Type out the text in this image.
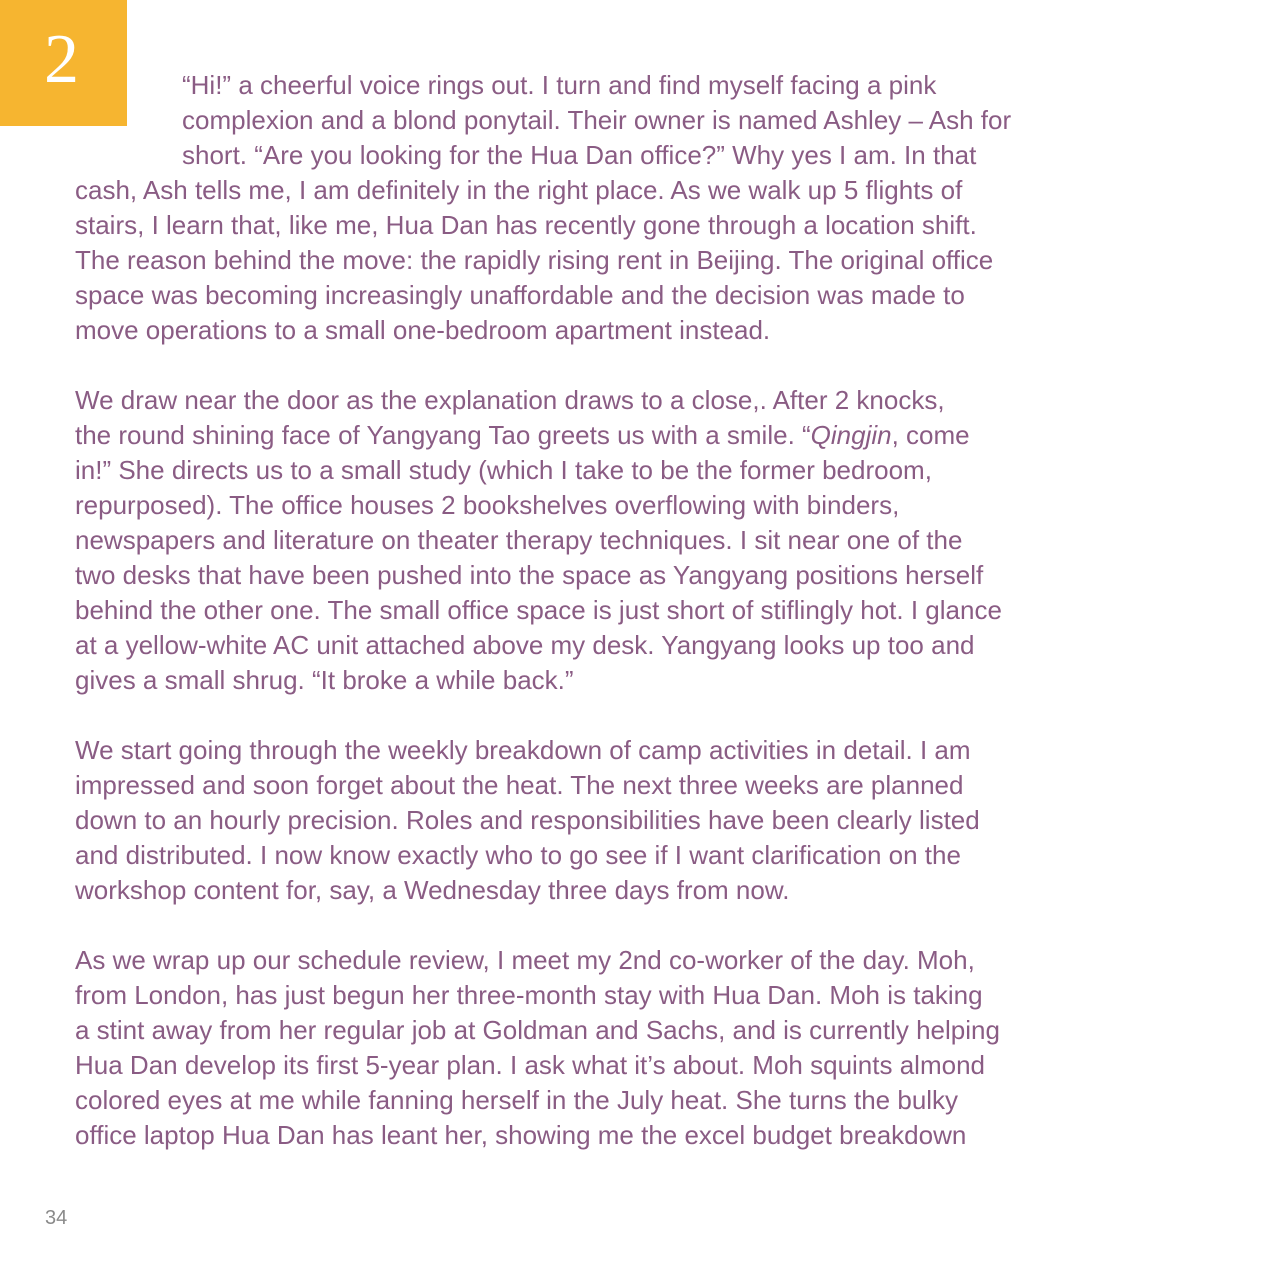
2	“Hi!” a cheerful voice rings out. I turn and find myself facing a pink
complexion and a blond ponytail. Their owner is named Ashley – Ash for
short. “Are you looking for the Hua Dan office?” Why yes I am. In that
cash, Ash tells me, I am definitely in the right place. As we walk up 5 flights of
stairs, I learn that, like me, Hua Dan has recently gone through a location shift.
The reason behind the move: the rapidly rising rent in Beijing. The original office
space was becoming increasingly unaffordable and the decision was made to
move operations to a small one-bedroom apartment instead.

We draw near the door as the explanation draws to a close,. After 2 knocks,
the round shining face of Yangyang Tao greets us with a smile. “Qingjin, come
in!” She directs us to a small study (which I take to be the former bedroom,
repurposed). The office houses 2 bookshelves overflowing with binders,
newspapers and literature on theater therapy techniques. I sit near one of the
two desks that have been pushed into the space as Yangyang positions herself
behind the other one. The small office space is just short of stiflingly hot. I glance
at a yellow-white AC unit attached above my desk. Yangyang looks up too and
gives a small shrug. “It broke a while back.”

We start going through the weekly breakdown of camp activities in detail. I am
impressed and soon forget about the heat. The next three weeks are planned
down to an hourly precision. Roles and responsibilities have been clearly listed
and distributed. I now know exactly who to go see if I want clarification on the
workshop content for, say, a Wednesday three days from now.

As we wrap up our schedule review, I meet my 2nd co-worker of the day. Moh,
from London, has just begun her three-month stay with Hua Dan. Moh is taking
a stint away from her regular job at Goldman and Sachs, and is currently helping
Hua Dan develop its first 5-year plan. I ask what it’s about. Moh squints almond
colored eyes at me while fanning herself in the July heat. She turns the bulky
office laptop Hua Dan has leant her, showing me the excel budget breakdown

34
